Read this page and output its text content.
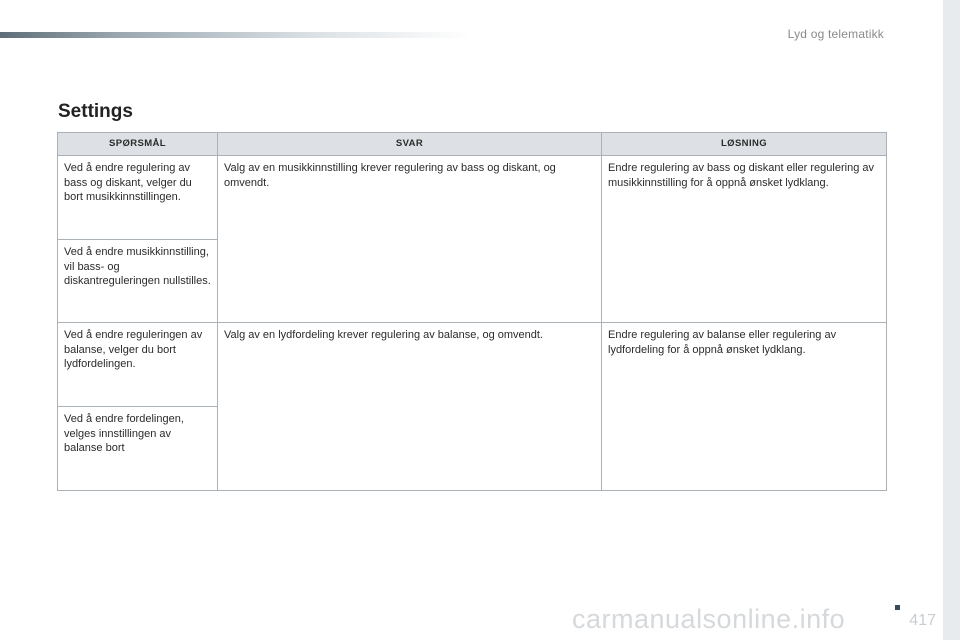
Lyd og telematikk
Settings
SPØRSMÅL	SVAR	LØSNING
Ved å endre regulering av bass og diskant, velger du bort musikkinnstillingen.	Valg av en musikkinnstilling krever regulering av bass og diskant, og omvendt.	Endre regulering av bass og diskant eller regulering av musikkinnstilling for å oppnå ønsket lydklang.
Ved å endre musikkinnstilling, vil bass- og diskantreguleringen nullstilles.		
Ved å endre reguleringen av balanse, velger du bort lydfordelingen.	Valg av en lydfordeling krever regulering av balanse, og omvendt.	Endre regulering av balanse eller regulering av lydfordeling for å oppnå ønsket lydklang.
Ved å endre fordelingen, velges innstillingen av balanse bort		
417
carmanualsonline.info
